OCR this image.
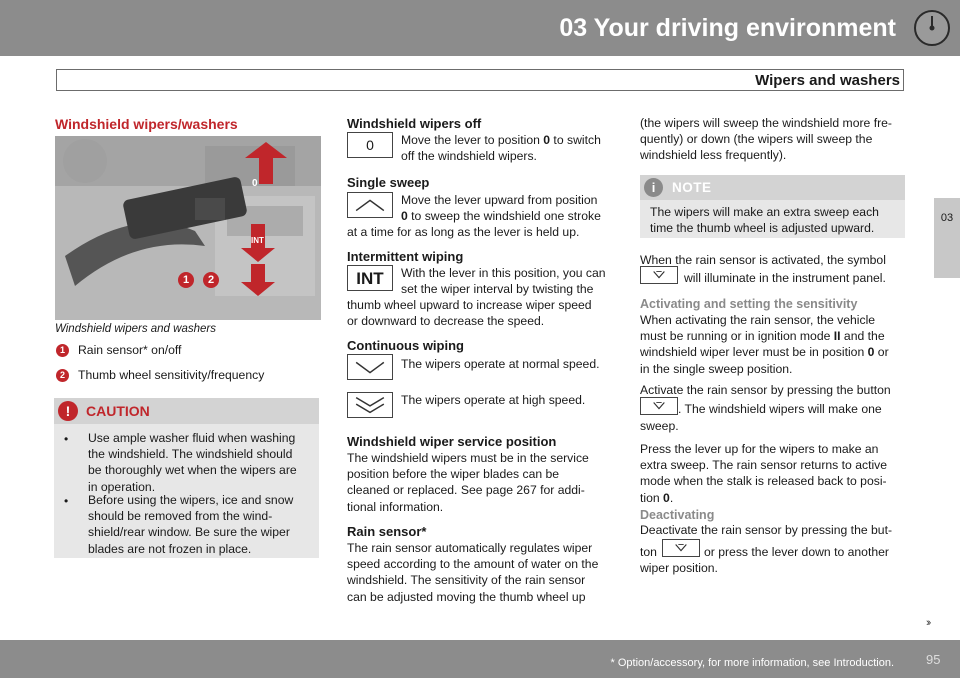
03 Your driving environment
Wipers and washers
03
Windshield wipers/washers
0
INT
1	2
Windshield wipers and washers
1	Rain sensor* on/off
2	Thumb wheel sensitivity/frequency
!	CAUTION
• Use ample washer fluid when washing
the windshield. The windshield should
be thoroughly wet when the wipers are
in operation.
• Before using the wipers, ice and snow
should be removed from the wind-
shield/rear window. Be sure the wiper
blades are not frozen in place.
Windshield wipers off
0	Move the lever to position 0 to switch
off the windshield wipers.
Single sweep
Move the lever upward from position
0 to sweep the windshield one stroke
at a time for as long as the lever is held up.
Intermittent wiping
INT	With the lever in this position, you can
set the wiper interval by twisting the
thumb wheel upward to increase wiper speed
or downward to decrease the speed.
Continuous wiping
The wipers operate at normal speed.
The wipers operate at high speed.
Windshield wiper service position
The windshield wipers must be in the service
position before the wiper blades can be
cleaned or replaced. See page 267 for addi-
tional information.
Rain sensor*
The rain sensor automatically regulates wiper
speed according to the amount of water on the
windshield. The sensitivity of the rain sensor
can be adjusted moving the thumb wheel up
(the wipers will sweep the windshield more fre-
quently) or down (the wipers will sweep the
windshield less frequently).
i	NOTE
The wipers will make an extra sweep each
time the thumb wheel is adjusted upward.
When the rain sensor is activated, the symbol
will illuminate in the instrument panel.
Activating and setting the sensitivity
When activating the rain sensor, the vehicle
must be running or in ignition mode II and the
windshield wiper lever must be in position 0 or
in the single sweep position.
Activate the rain sensor by pressing the button
. The windshield wipers will make one
sweep.
Press the lever up for the wipers to make an
extra sweep. The rain sensor returns to active
mode when the stalk is released back to posi-
tion 0.
Deactivating
Deactivate the rain sensor by pressing the but-
ton	or press the lever down to another
wiper position.
››
* Option/accessory, for more information, see Introduction. 95
